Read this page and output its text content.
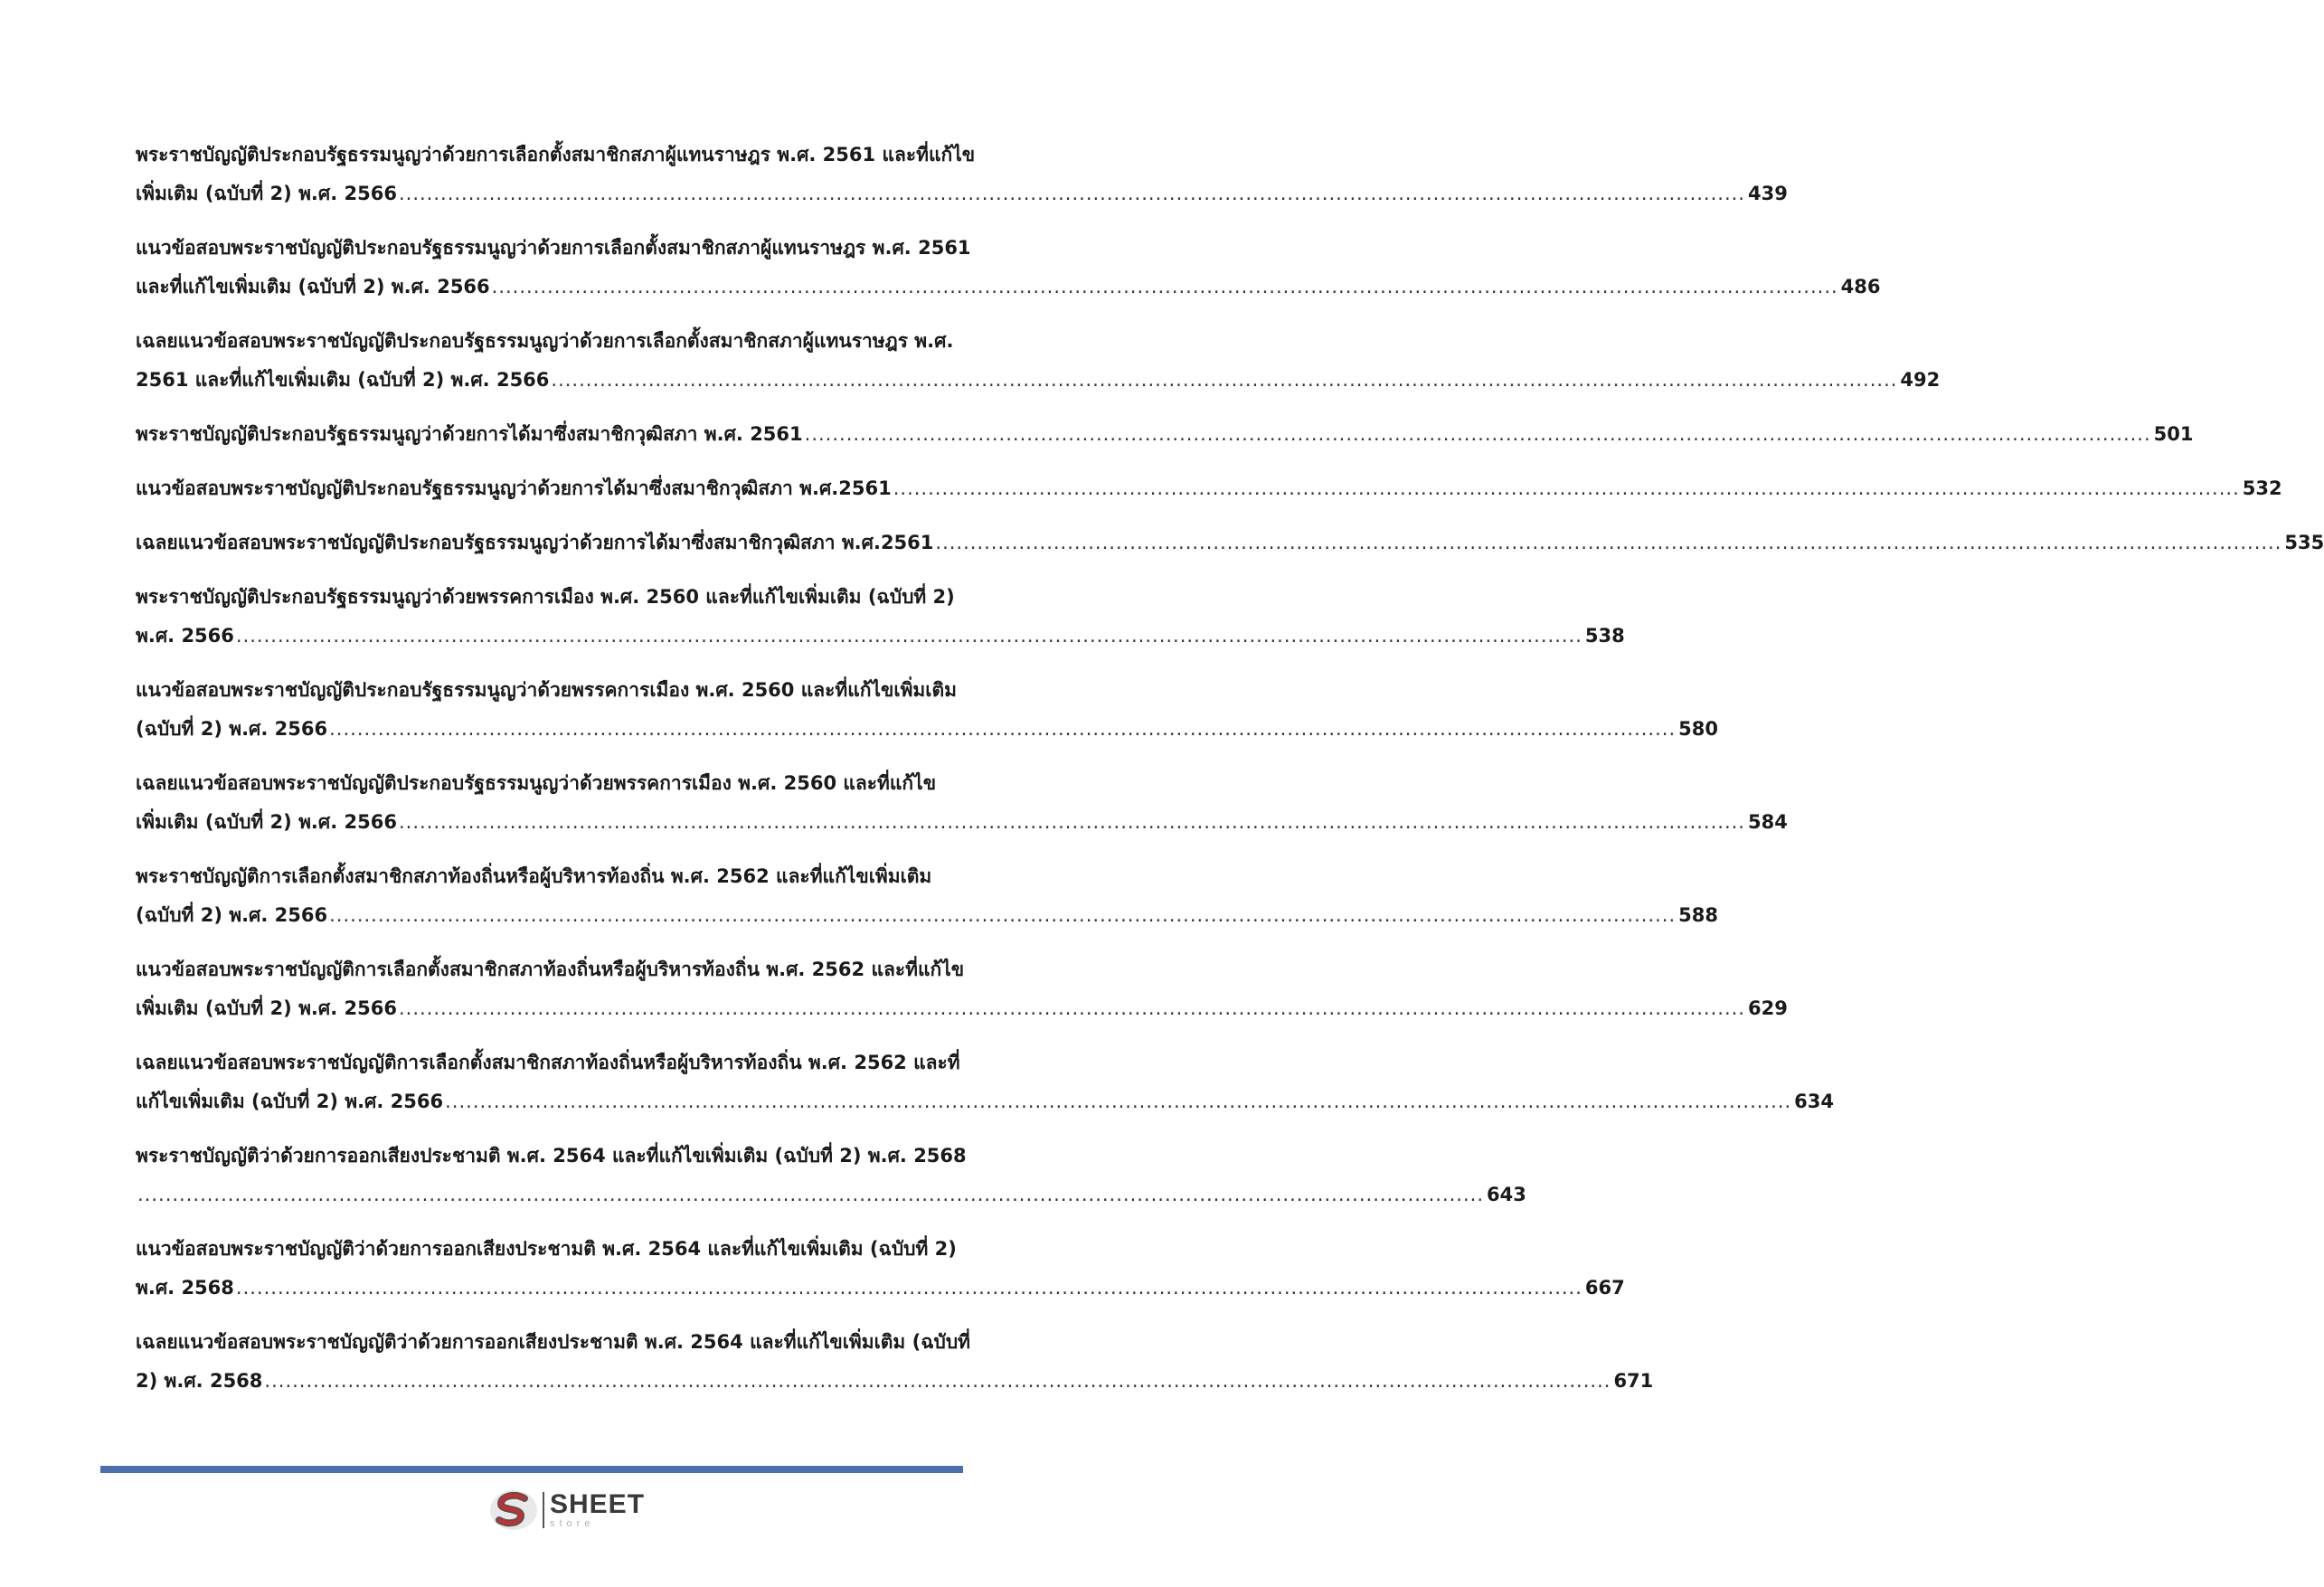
พระราชบัญญัติประกอบรัฐธรรมนูญว่าด้วยการเลือกตั้งสมาชิกสภาผู้แทนราษฎร พ.ศ. 2561 และที่แก้ไข
เพิ่มเติม (ฉบับที่ 2) พ.ศ. 2566 .................................................................................................................................................................................................. 439
แนวข้อสอบพระราชบัญญัติประกอบรัฐธรรมนูญว่าด้วยการเลือกตั้งสมาชิกสภาผู้แทนราษฎร พ.ศ. 2561
และที่แก้ไขเพิ่มเติม (ฉบับที่ 2) พ.ศ. 2566 .................................................................................................................................................................................................. 486
เฉลยแนวข้อสอบพระราชบัญญัติประกอบรัฐธรรมนูญว่าด้วยการเลือกตั้งสมาชิกสภาผู้แทนราษฎร พ.ศ.
2561 และที่แก้ไขเพิ่มเติม (ฉบับที่ 2) พ.ศ. 2566 .................................................................................................................................................................................................. 492
พระราชบัญญัติประกอบรัฐธรรมนูญว่าด้วยการได้มาซึ่งสมาชิกวุฒิสภา พ.ศ. 2561 .................................................................................................................................................................................................. 501
แนวข้อสอบพระราชบัญญัติประกอบรัฐธรรมนูญว่าด้วยการได้มาซึ่งสมาชิกวุฒิสภา พ.ศ.2561 .................................................................................................................................................................................................. 532
เฉลยแนวข้อสอบพระราชบัญญัติประกอบรัฐธรรมนูญว่าด้วยการได้มาซึ่งสมาชิกวุฒิสภา พ.ศ.2561 .................................................................................................................................................................................................. 535
พระราชบัญญัติประกอบรัฐธรรมนูญว่าด้วยพรรคการเมือง พ.ศ. 2560 และที่แก้ไขเพิ่มเติม (ฉบับที่ 2)
พ.ศ. 2566 .................................................................................................................................................................................................. 538
แนวข้อสอบพระราชบัญญัติประกอบรัฐธรรมนูญว่าด้วยพรรคการเมือง พ.ศ. 2560 และที่แก้ไขเพิ่มเติม
(ฉบับที่ 2) พ.ศ. 2566 .................................................................................................................................................................................................. 580
เฉลยแนวข้อสอบพระราชบัญญัติประกอบรัฐธรรมนูญว่าด้วยพรรคการเมือง พ.ศ. 2560 และที่แก้ไข
เพิ่มเติม (ฉบับที่ 2) พ.ศ. 2566 .................................................................................................................................................................................................. 584
พระราชบัญญัติการเลือกตั้งสมาชิกสภาท้องถิ่นหรือผู้บริหารท้องถิ่น พ.ศ. 2562 และที่แก้ไขเพิ่มเติม
(ฉบับที่ 2) พ.ศ. 2566 .................................................................................................................................................................................................. 588
แนวข้อสอบพระราชบัญญัติการเลือกตั้งสมาชิกสภาท้องถิ่นหรือผู้บริหารท้องถิ่น พ.ศ. 2562 และที่แก้ไข
เพิ่มเติม (ฉบับที่ 2) พ.ศ. 2566 .................................................................................................................................................................................................. 629
เฉลยแนวข้อสอบพระราชบัญญัติการเลือกตั้งสมาชิกสภาท้องถิ่นหรือผู้บริหารท้องถิ่น พ.ศ. 2562 และที่
แก้ไขเพิ่มเติม (ฉบับที่ 2) พ.ศ. 2566 .................................................................................................................................................................................................. 634
พระราชบัญญัติว่าด้วยการออกเสียงประชามติ พ.ศ. 2564 และที่แก้ไขเพิ่มเติม (ฉบับที่ 2) พ.ศ. 2568
.................................................................................................................................................................................................. 643
แนวข้อสอบพระราชบัญญัติว่าด้วยการออกเสียงประชามติ พ.ศ. 2564 และที่แก้ไขเพิ่มเติม (ฉบับที่ 2)
พ.ศ. 2568 .................................................................................................................................................................................................. 667
เฉลยแนวข้อสอบพระราชบัญญัติว่าด้วยการออกเสียงประชามติ พ.ศ. 2564 และที่แก้ไขเพิ่มเติม (ฉบับที่
2) พ.ศ. 2568 .................................................................................................................................................................................................. 671
SHEET
store
